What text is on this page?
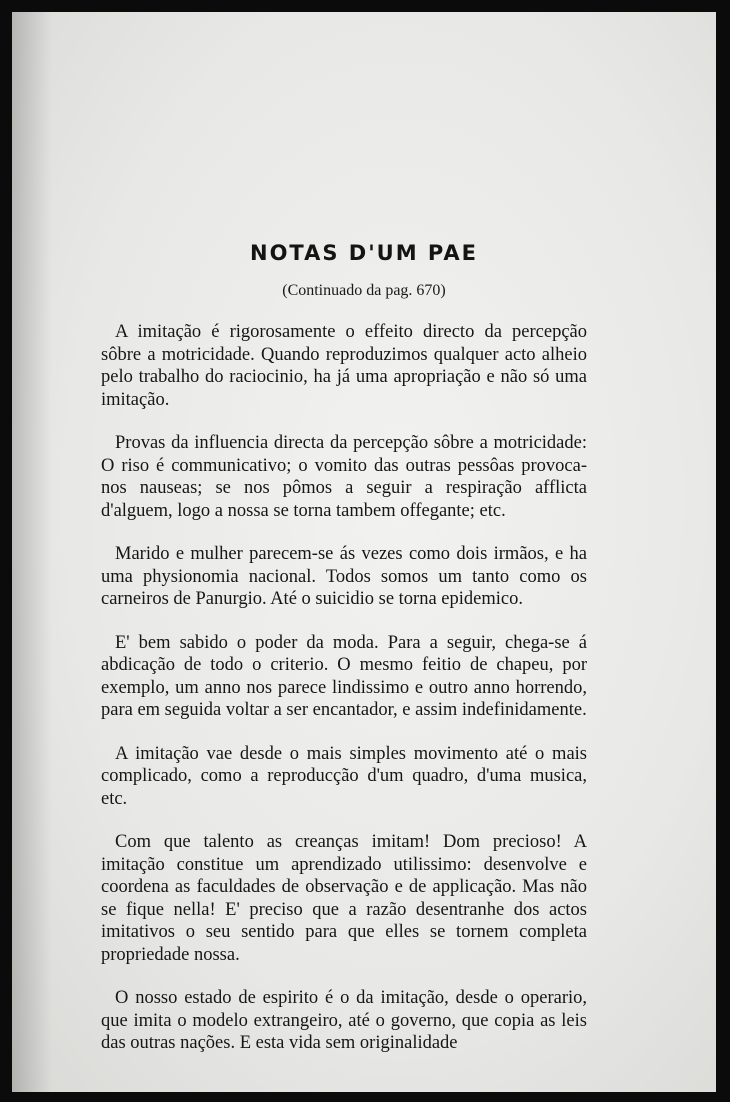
NOTAS D'UM PAE
(Continuado da pag. 670)

A imitação é rigorosamente o effeito directo da percepção sôbre a motricidade. Quando reproduzimos qualquer acto alheio pelo trabalho do raciocinio, ha já uma apropriação e não só uma imitação.

Provas da influencia directa da percepção sôbre a motricidade: O riso é communicativo; o vomito das outras pessôas provoca-nos nauseas; se nos pômos a seguir a respiração afflicta d'alguem, logo a nossa se torna tambem offegante; etc.

Marido e mulher parecem-se ás vezes como dois irmãos, e ha uma physionomia nacional. Todos somos um tanto como os carneiros de Panurgio. Até o suicidio se torna epidemico.

E' bem sabido o poder da moda. Para a seguir, chega-se á abdicação de todo o criterio. O mesmo feitio de chapeu, por exemplo, um anno nos parece lindissimo e outro anno horrendo, para em seguida voltar a ser encantador, e assim indefinidamente.

A imitação vae desde o mais simples movimento até o mais complicado, como a reproducção d'um quadro, d'uma musica, etc.

Com que talento as creanças imitam! Dom precioso! A imitação constitue um aprendizado utilissimo: desenvolve e coordena as faculdades de observação e de applicação. Mas não se fique nella! E' preciso que a razão desentranhe dos actos imitativos o seu sentido para que elles se tornem completa propriedade nossa.

O nosso estado de espirito é o da imitação, desde o operario, que imita o modelo extrangeiro, até o governo, que copia as leis das outras nações. E esta vida sem originalidade
